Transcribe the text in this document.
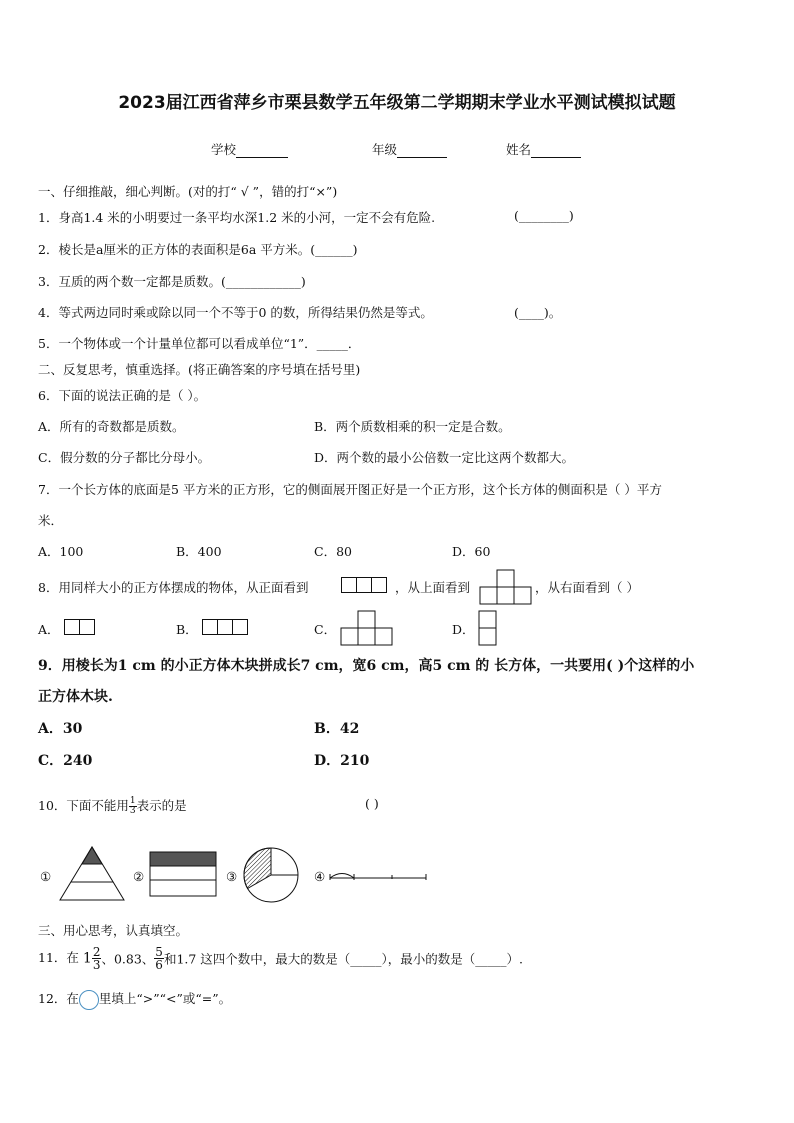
2023届江西省萍乡市栗县数学五年级第二学期期末学业水平测试模拟试题
学校	年级	姓名
一、仔细推敲，细心判断。(对的打“ √ ”，错的打“×”)
1．身高1.4 米的小明要过一条平均水深1.2 米的小河，一定不会有危险.	(________)
2．棱长是a厘米的正方体的表面积是6a 平方米。(______)
3．互质的两个数一定都是质数。(____________)
4．等式两边同时乘或除以同一个不等于0 的数，所得结果仍然是等式。	(____)。
5．一个物体或一个计量单位都可以看成单位“1”．_____．
二、反复思考，慎重选择。(将正确答案的序号填在括号里)
6．下面的说法正确的是（ ）。
A．所有的奇数都是质数。	B．两个质数相乘的积一定是合数。
C．假分数的分子都比分母小。	D．两个数的最小公倍数一定比这两个数都大。
7．一个长方体的底面是5 平方米的正方形，它的侧面展开图正好是一个正方形，这个长方体的侧面积是（ ）平方
米．
A．100	B．400	C．80	D．60
8．用同样大小的正方体摆成的物体，从正面看到	，从上面看到	，从右面看到（ ）
A．	B．	C．	D．
9．用棱长为1 cm 的小正方体木块拼成长7 cm，宽6 cm，高5 cm 的 长方体，一共要用( )个这样的小
正方体木块.
A．30	B．42
C．240	D．210
10．下面不能用 $\frac{1}{3}$ 表示的是	( )
①	②	③	④
三、用心思考，认真填空。
11．在 $1 \frac{2}{3}$ 、0.83、 $\frac{5}{6}$ 和1.7 这四个数中，最大的数是（_____），最小的数是（_____）.
12．在 里填上“>”“<”或“=”。
